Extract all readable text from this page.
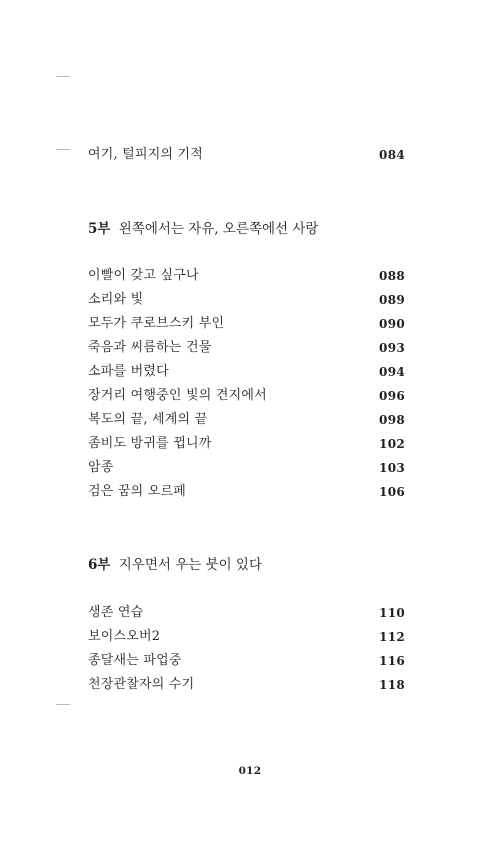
여기, 털피지의 기적	084
5부 왼쪽에서는 자유, 오른쪽에선 사랑
이빨이 갖고 싶구나	088
소리와 빛	089
모두가 쿠로브스키 부인	090
죽음과 씨름하는 건물	093
소파를 버렸다	094
장거리 여행중인 빛의 견지에서	096
복도의 끝, 세계의 끝	098
좀비도 방귀를 뀝니까	102
암종	103
검은 꿈의 오르페	106
6부 지우면서 우는 붓이 있다
생존 연습	110
보이스오버2	112
종달새는 파업중	116
천장관찰자의 수기	118
012
